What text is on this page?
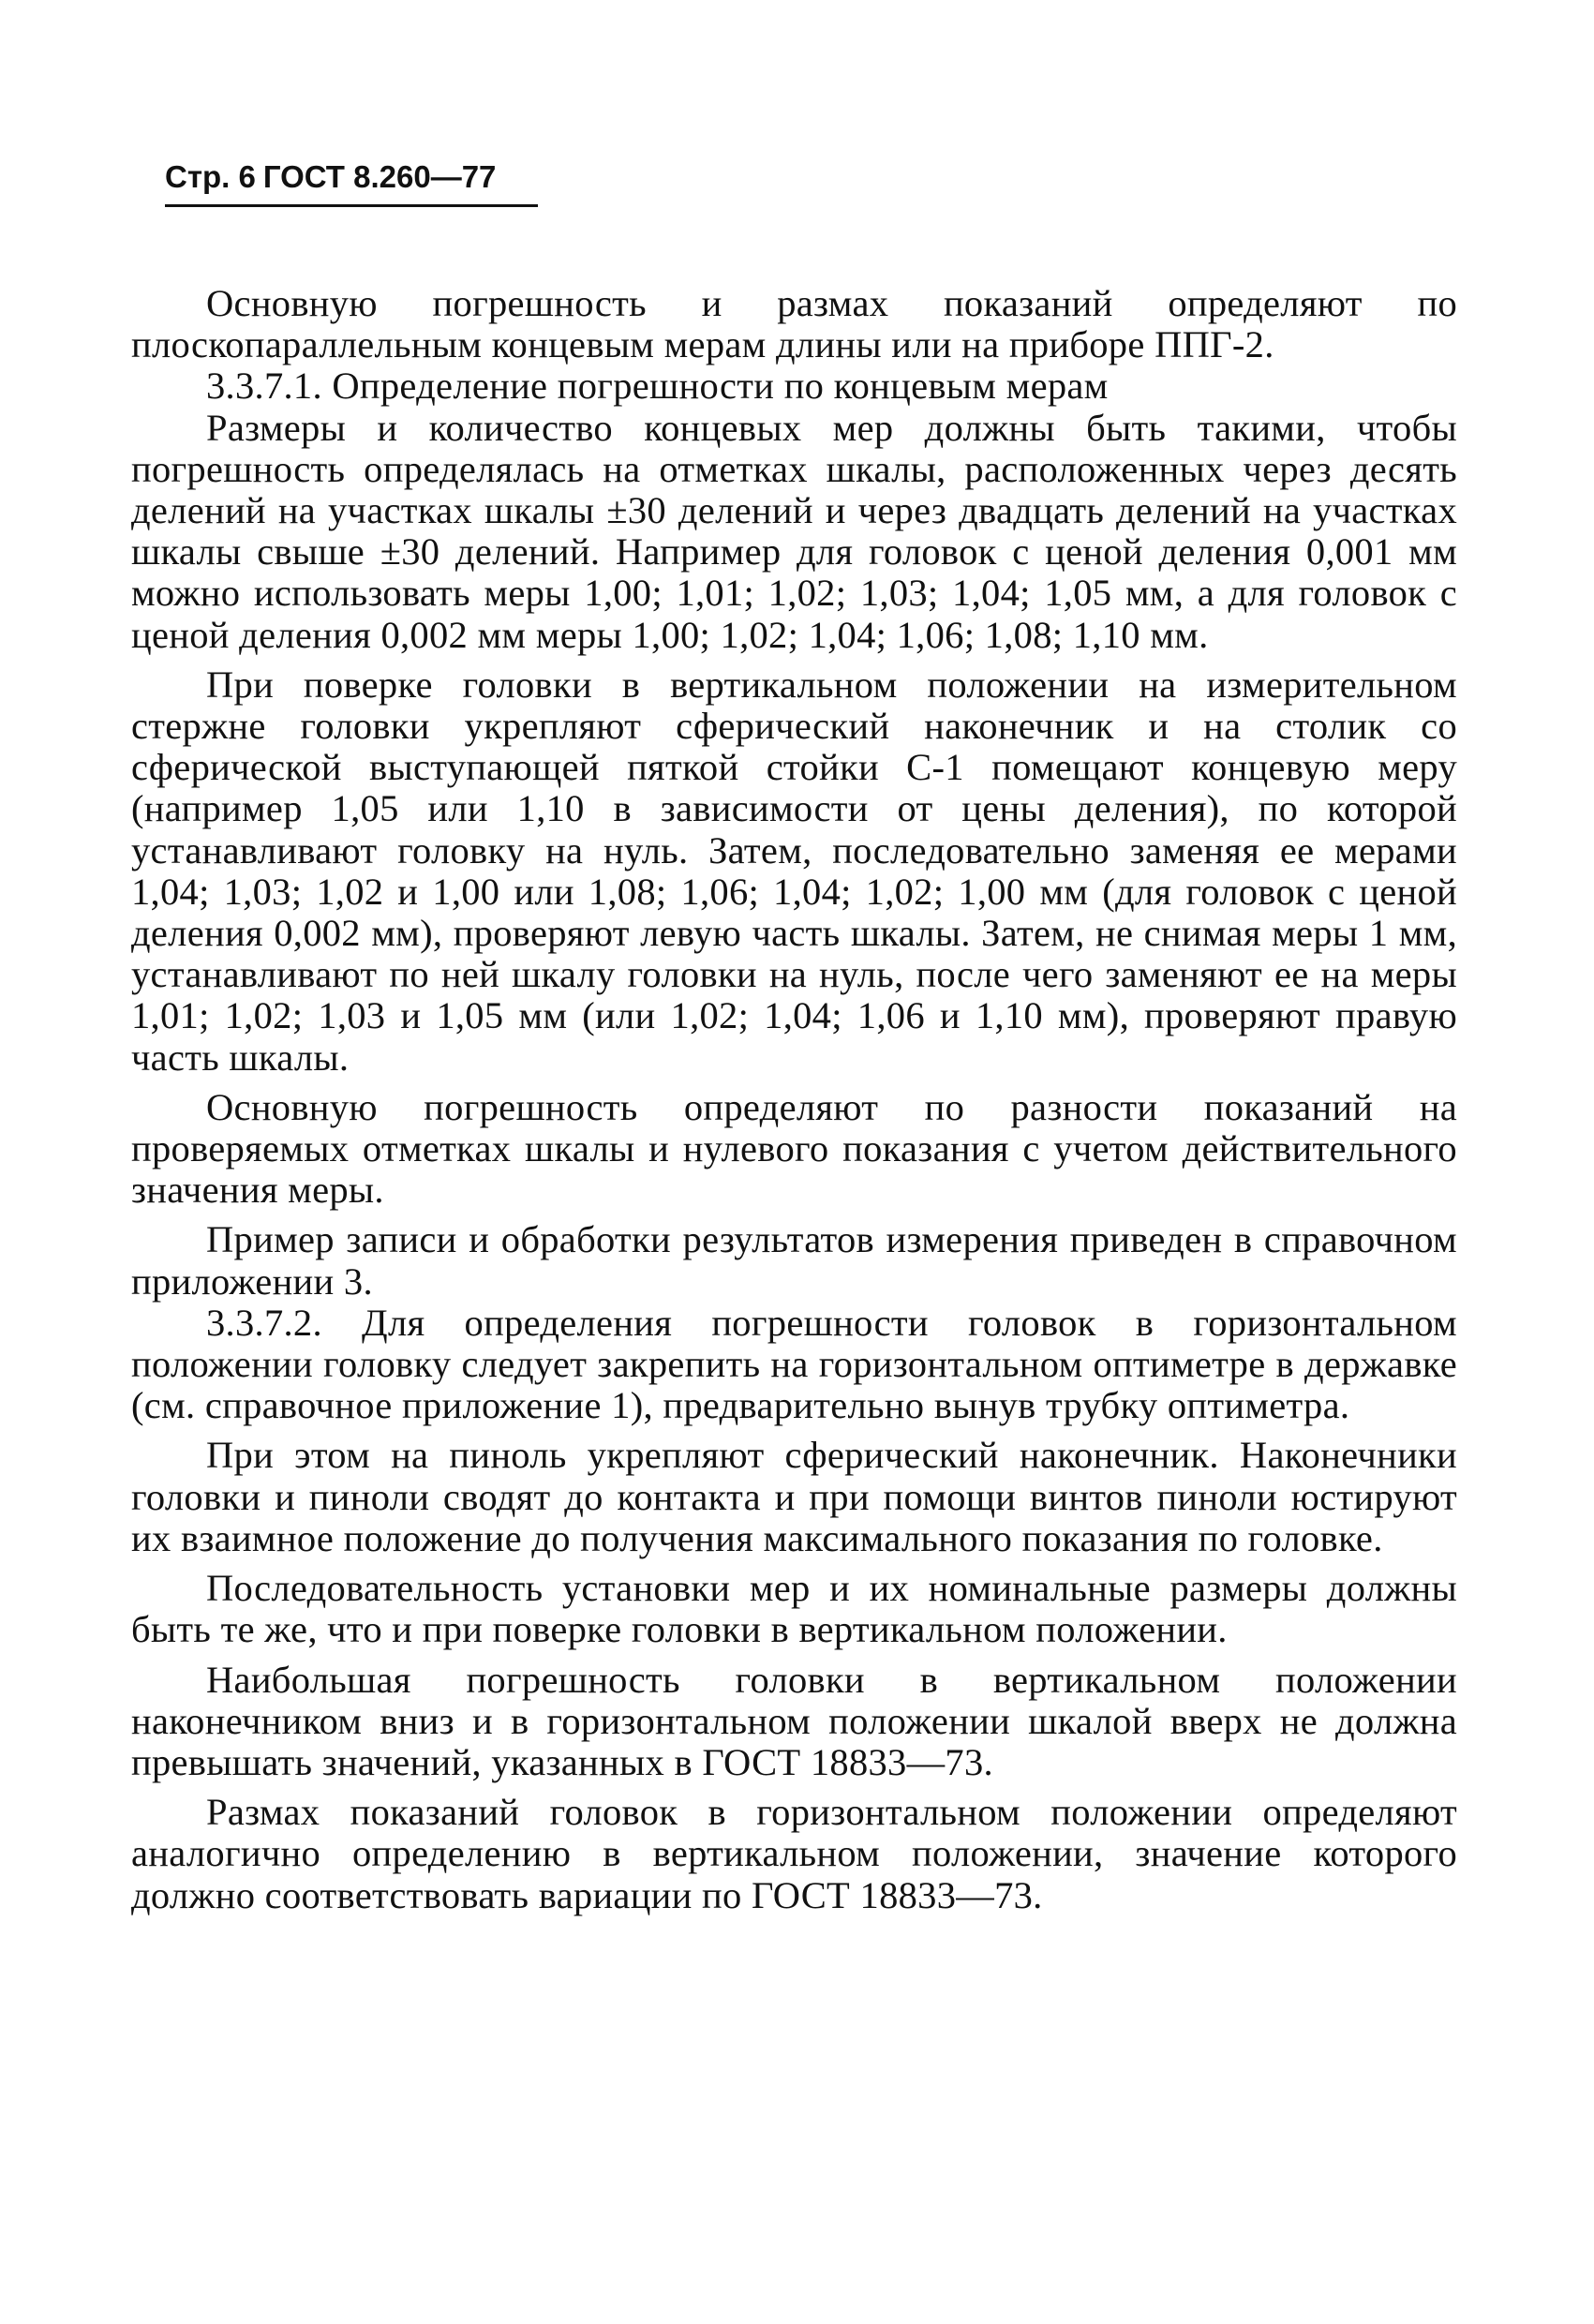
Стр. 6 ГОСТ 8.260—77

Основную погрешность и размах показаний определяют по плоскопараллельным концевым мерам длины или на приборе ППГ-2.

3.3.7.1. Определение погрешности по концевым мерам

Размеры и количество концевых мер должны быть такими, чтобы погрешность определялась на отметках шкалы, расположенных через десять делений на участках шкалы ±30 делений и через двадцать делений на участках шкалы свыше ±30 делений. Например для головок с ценой деления 0,001 мм можно использовать меры 1,00; 1,01; 1,02; 1,03; 1,04; 1,05 мм, а для головок с ценой деления 0,002 мм меры 1,00; 1,02; 1,04; 1,06; 1,08; 1,10 мм.

При поверке головки в вертикальном положении на измерительном стержне головки укрепляют сферический наконечник и на столик со сферической выступающей пяткой стойки С-1 помещают концевую меру (например 1,05 или 1,10 в зависимости от цены деления), по которой устанавливают головку на нуль. Затем, последовательно заменяя ее мерами 1,04; 1,03; 1,02 и 1,00 или 1,08; 1,06; 1,04; 1,02; 1,00 мм (для головок с ценой деления 0,002 мм), проверяют левую часть шкалы. Затем, не снимая меры 1 мм, устанавливают по ней шкалу головки на нуль, после чего заменяют ее на меры 1,01; 1,02; 1,03 и 1,05 мм (или 1,02; 1,04; 1,06 и 1,10 мм), проверяют правую часть шкалы.

Основную погрешность определяют по разности показаний на проверяемых отметках шкалы и нулевого показания с учетом действительного значения меры.

Пример записи и обработки результатов измерения приведен в справочном приложении 3.

3.3.7.2. Для определения погрешности головок в горизонтальном положении головку следует закрепить на горизонтальном оптиметре в державке (см. справочное приложение 1), предварительно вынув трубку оптиметра.

При этом на пиноль укрепляют сферический наконечник. Наконечники головки и пиноли сводят до контакта и при помощи винтов пиноли юстируют их взаимное положение до получения максимального показания по головке.

Последовательность установки мер и их номинальные размеры должны быть те же, что и при поверке головки в вертикальном положении.

Наибольшая погрешность головки в вертикальном положении наконечником вниз и в горизонтальном положении шкалой вверх не должна превышать значений, указанных в ГОСТ 18833—73.

Размах показаний головок в горизонтальном положении определяют аналогично определению в вертикальном положении, значение которого должно соответствовать вариации по ГОСТ 18833—73.
